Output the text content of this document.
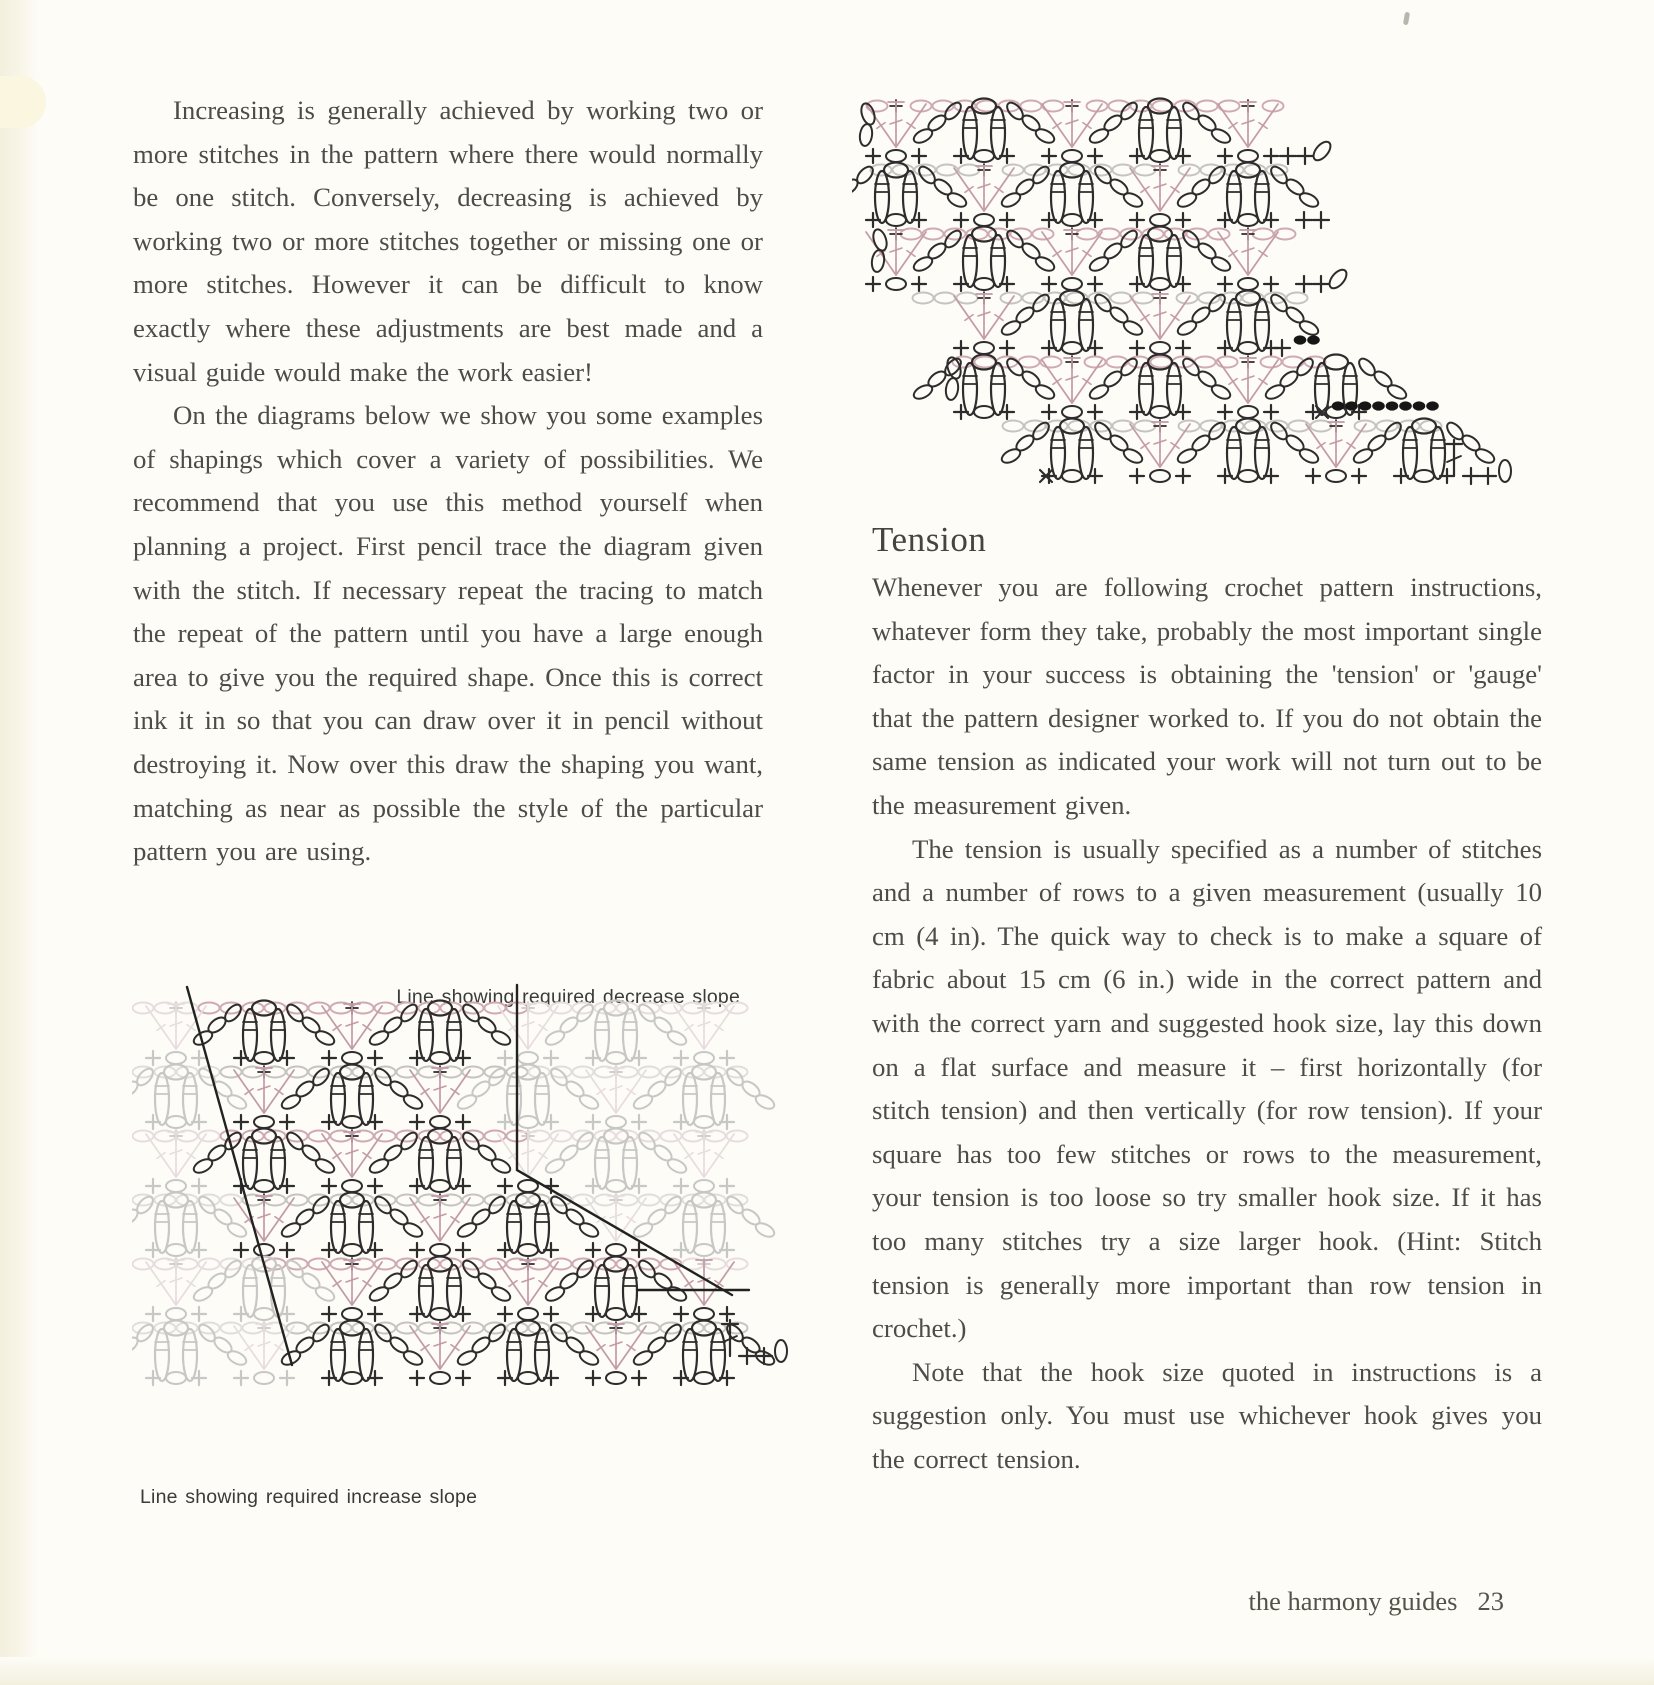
Increasing is generally achieved by working two or more stitches in the pattern where there would normally be one stitch. Conversely, decreasing is achieved by working two or more stitches together or missing one or more stitches. However it can be difficult to know exactly where these adjustments are best made and a visual guide would make the work easier!

On the diagrams below we show you some examples of shapings which cover a variety of possibilities. We recommend that you use this method yourself when planning a project. First pencil trace the diagram given with the stitch. If necessary repeat the tracing to match the repeat of the pattern until you have a large enough area to give you the required shape. Once this is correct ink it in so that you can draw over it in pencil without destroying it. Now over this draw the shaping you want, matching as near as possible the style of the particular pattern you are using.

Line showing required decrease slope
Line showing required increase slope
Tension

Whenever you are following crochet pattern instructions, whatever form they take, probably the most important single factor in your success is obtaining the 'tension' or 'gauge' that the pattern designer worked to. If you do not obtain the same tension as indicated your work will not turn out to be the measurement given.

The tension is usually specified as a number of stitches and a number of rows to a given measurement (usually 10 cm (4 in). The quick way to check is to make a square of fabric about 15 cm (6 in.) wide in the correct pattern and with the correct yarn and suggested hook size, lay this down on a flat surface and measure it – first horizontally (for stitch tension) and then vertically (for row tension). If your square has too few stitches or rows to the measurement, your tension is too loose so try smaller hook size. If it has too many stitches try a size larger hook. (Hint: Stitch tension is generally more important than row tension in crochet.)

Note that the hook size quoted in instructions is a suggestion only. You must use whichever hook gives you the correct tension.

the harmony guides 23
